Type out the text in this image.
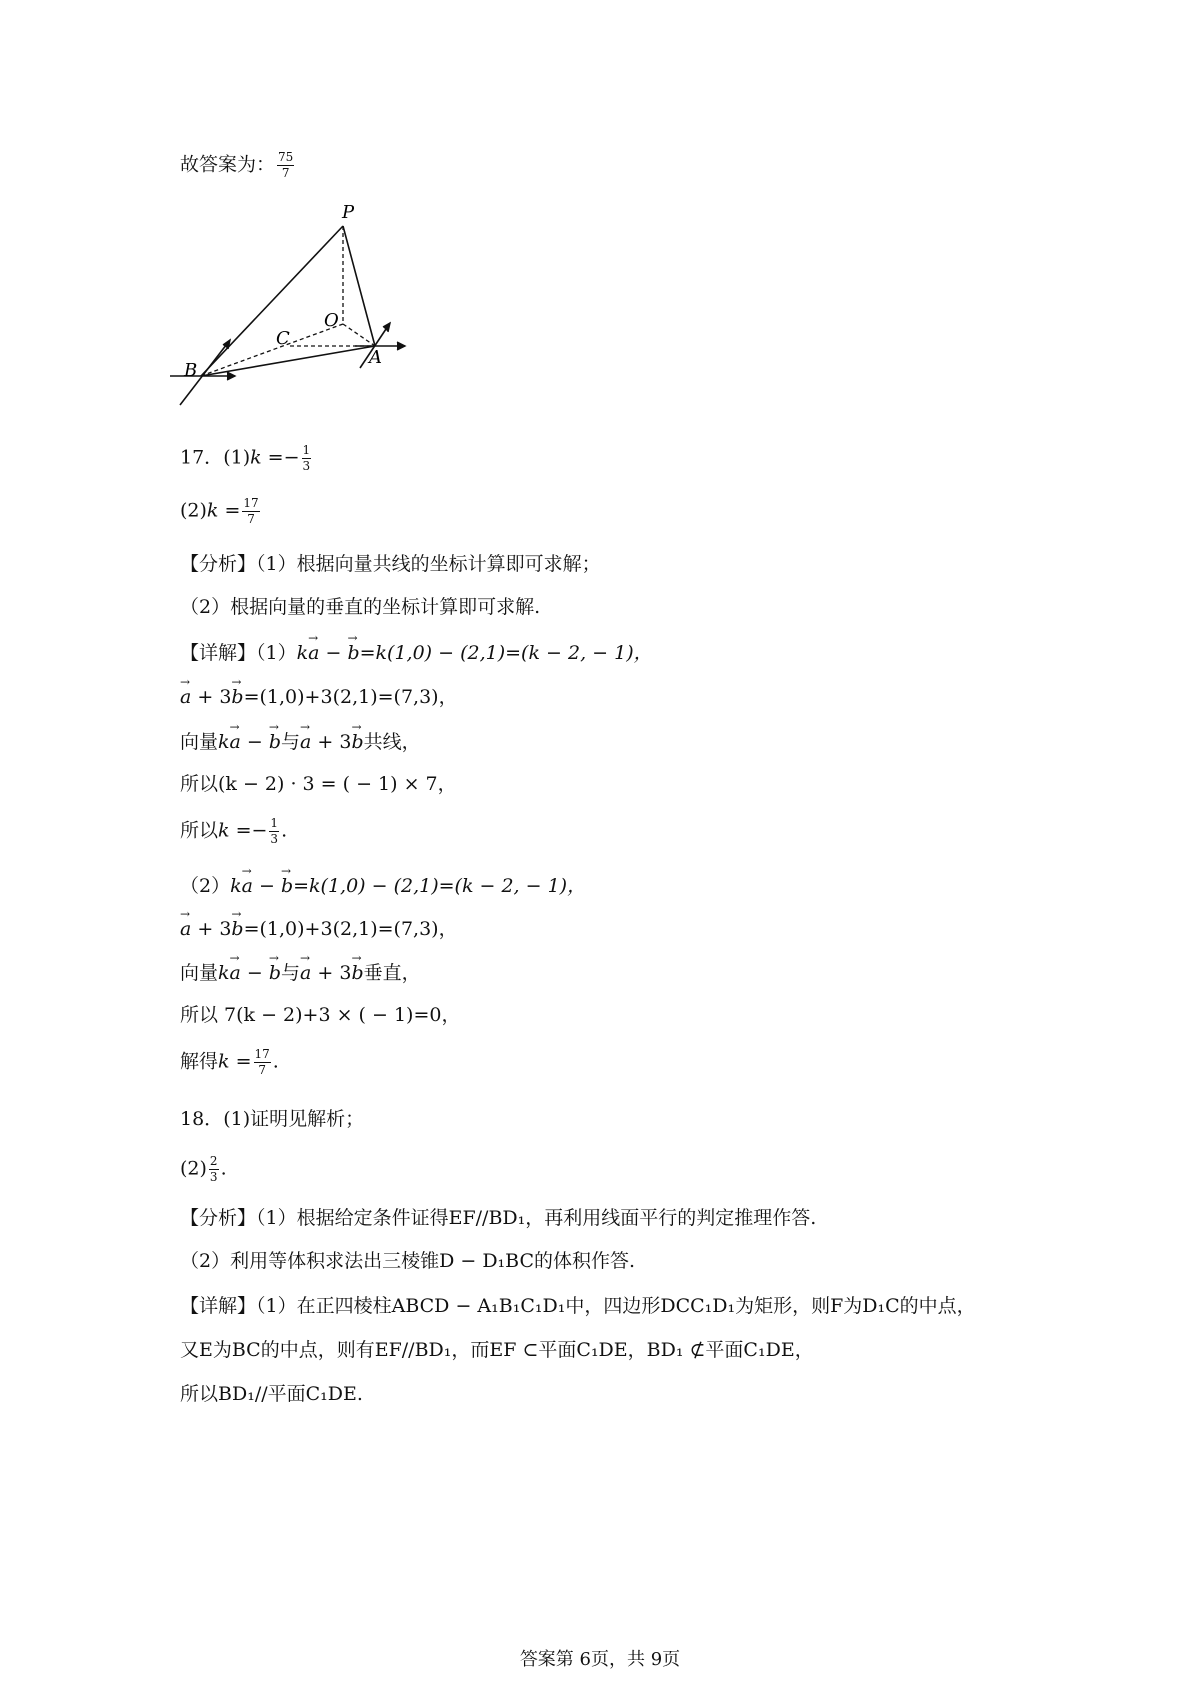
故答案为： $\frac{75}{7}$
P
O
C
B
A
17．$(1)k =- \frac{1}{3}$
$(2)k = \frac{17}{7}$
【分析】（1）根据向量共线的坐标计算即可求解；
（2）根据向量的垂直的坐标计算即可求解.
【详解】（1）k→ a − → b=k(1,0) − (2,1)=(k − 2, − 1)，
→ a + 3→ b=(1,0)+3(2,1)=(7,3)，
向量k→ a − → b与→ a + 3→ b共线，
所以(k − 2) · 3 = ( − 1) × 7，
所以$k =- \frac{1}{3}$ .
（2）k→ a − → b=k(1,0) − (2,1)=(k − 2, − 1)，
→ a + 3→ b=(1,0)+3(2,1)=(7,3)，
向量k→ a − → b与→ a + 3→ b垂直，
所以 7(k − 2)+3 × ( − 1)=0，
解得$k = \frac{17}{7}$ .
18．(1)证明见解析；
$(2) \frac{2}{3}$ .
【分析】（1）根据给定条件证得EF//BD₁，再利用线面平行的判定推理作答.
（2）利用等体积求法出三棱锥D − D₁BC的体积作答.
【详解】（1）在正四棱柱ABCD − A₁B₁C₁D₁中，四边形DCC₁D₁为矩形，则F为D₁C的中点，
又E为BC的中点，则有EF//BD₁，而EF ⊂平面C₁DE，BD₁ ⊄平面C₁DE，
所以BD₁//平面C₁DE.
答案第 6页，共 9页
